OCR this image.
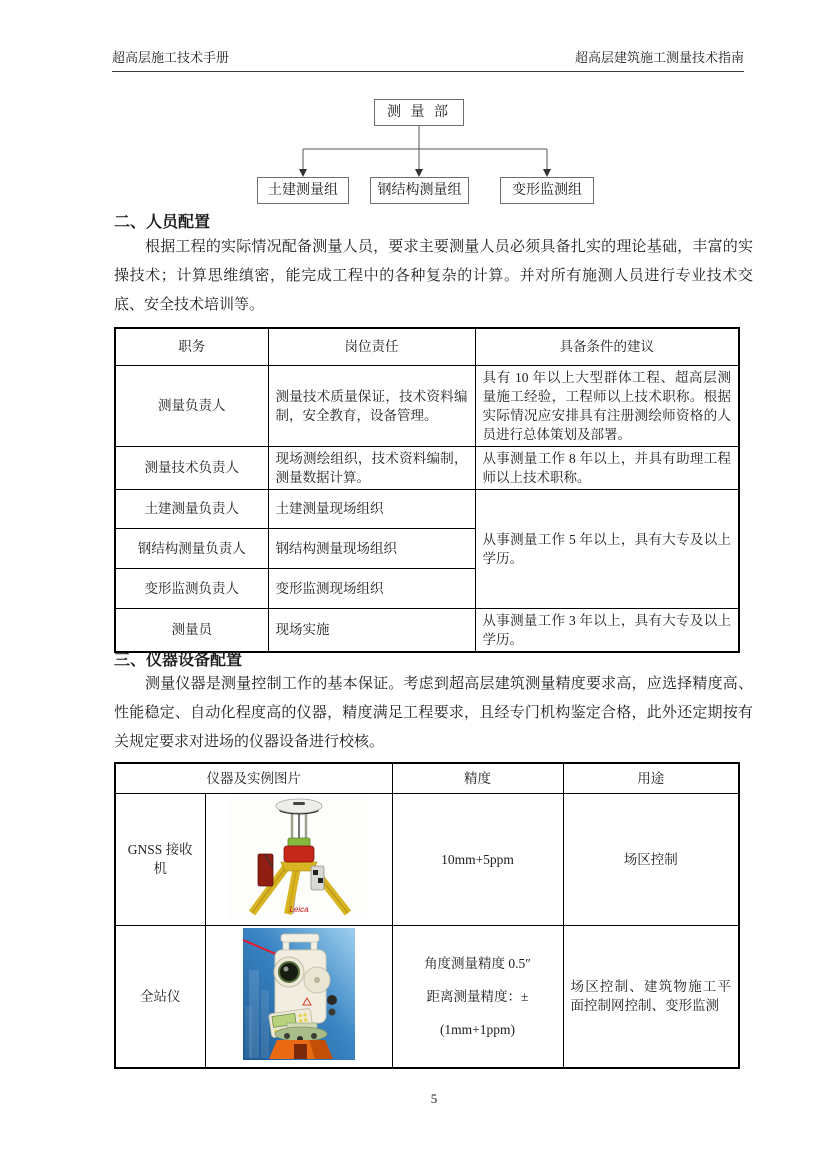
超高层施工技术手册	超高层建筑施工测量技术指南
测 量 部
土建测量组	钢结构测量组	变形监测组
二、人员配置
根据工程的实际情况配备测量人员，要求主要测量人员必须具备扎实的理论基础，丰富的实操技术；计算思维缜密，能完成工程中的各种复杂的计算。并对所有施测人员进行专业技术交底、安全技术培训等。
职务	岗位责任	具备条件的建议
测量负责人	测量技术质量保证，技术资料编制，安全教育，设备管理。	具有 10 年以上大型群体工程、超高层测量施工经验，工程师以上技术职称。根据实际情况应安排具有注册测绘师资格的人员进行总体策划及部署。
测量技术负责人	现场测绘组织，技术资料编制，测量数据计算。	从事测量工作 8 年以上，并具有助理工程师以上技术职称。
土建测量负责人	土建测量现场组织	从事测量工作 5 年以上，具有大专及以上学历。
钢结构测量负责人	钢结构测量现场组织	
变形监测负责人	变形监测现场组织	
测量员	现场实施	从事测量工作 3 年以上，具有大专及以上学历。
三、仪器设备配置
测量仪器是测量控制工作的基本保证。考虑到超高层建筑测量精度要求高，应选择精度高、性能稳定、自动化程度高的仪器，精度满足工程要求，且经专门机构鉴定合格，此外还定期按有关规定要求对进场的仪器设备进行校核。
仪器及实例图片		精度	用途
GNSS 接收机	Leica	10mm+5ppm	场区控制
全站仪		角度测量精度 0.5″
距离测量精度：±
(1mm+1ppm)	场区控制、建筑物施工平面控制网控制、变形监测
5
